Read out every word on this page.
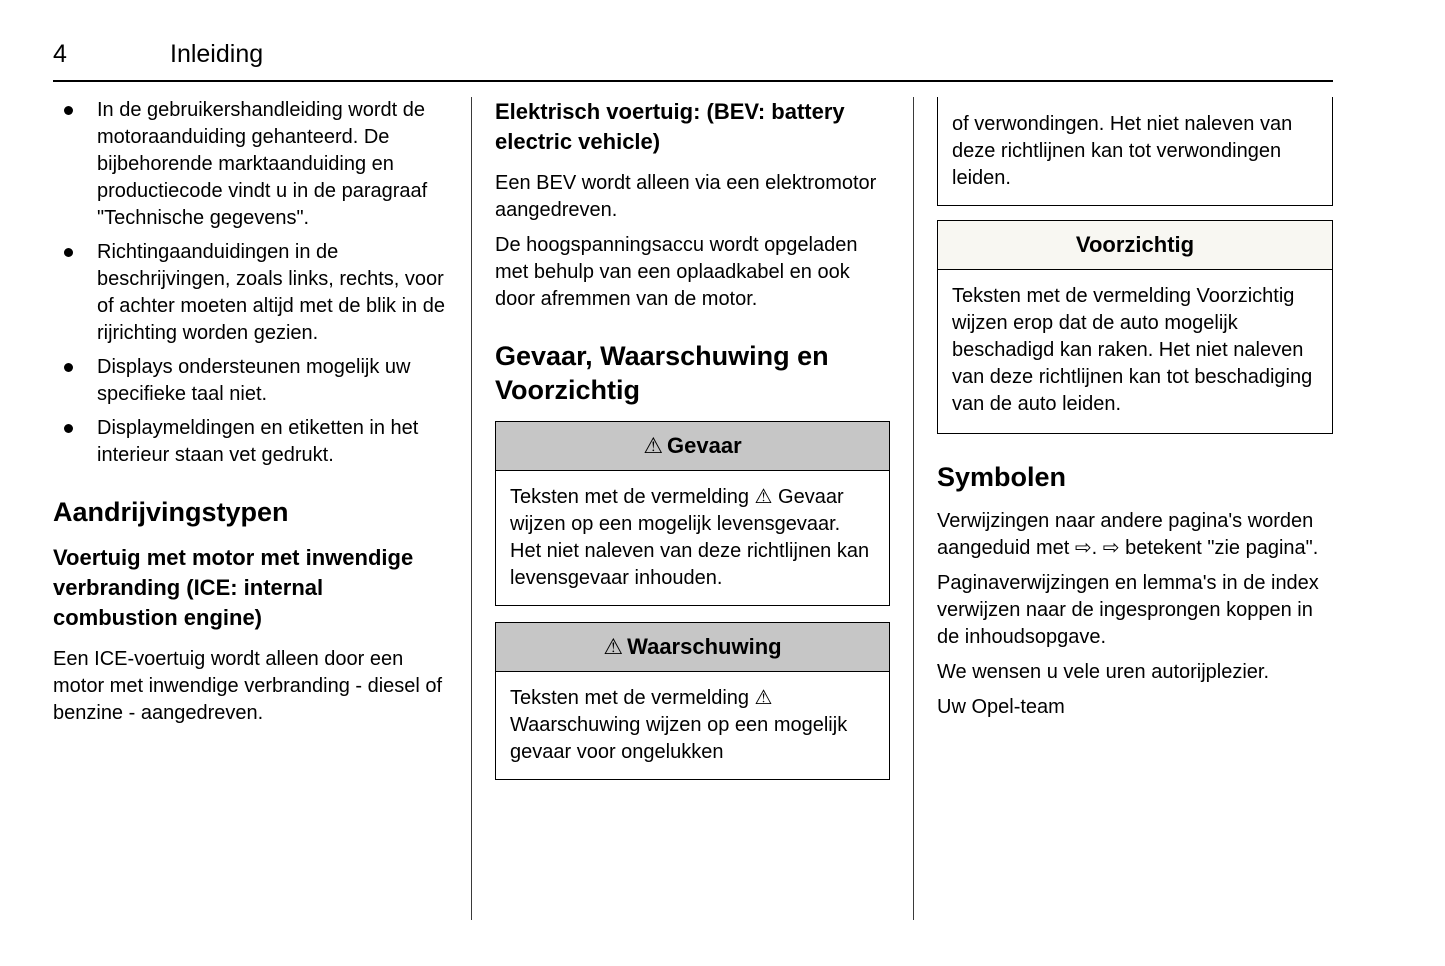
4	Inleiding
In de gebruikershandleiding wordt de motoraanduiding gehanteerd. De bijbehorende marktaanduiding en productiecode vindt u in de paragraaf "Technische gegevens".
Richtingaanduidingen in de beschrijvingen, zoals links, rechts, voor of achter moeten altijd met de blik in de rijrichting worden gezien.
Displays ondersteunen mogelijk uw specifieke taal niet.
Displaymeldingen en etiketten in het interieur staan vet gedrukt.
Aandrijvingstypen
Voertuig met motor met inwendige verbranding (ICE: internal combustion engine)

Een ICE-voertuig wordt alleen door een motor met inwendige verbranding - diesel of benzine - aangedreven.

Elektrisch voertuig: (BEV: battery electric vehicle)

Een BEV wordt alleen via een elektromotor aangedreven.

De hoogspanningsaccu wordt opgeladen met behulp van een oplaadkabel en ook door afremmen van de motor.

Gevaar, Waarschuwing en Voorzichtig
⚠ Gevaar
Teksten met de vermelding ⚠ Gevaar wijzen op een mogelijk levensgevaar. Het niet naleven van deze richtlijnen kan levensgevaar inhouden.
⚠ Waarschuwing
Teksten met de vermelding ⚠ Waarschuwing wijzen op een mogelijk gevaar voor ongelukken
of verwondingen. Het niet naleven van deze richtlijnen kan tot verwondingen leiden.
Voorzichtig
Teksten met de vermelding Voorzichtig wijzen erop dat de auto mogelijk beschadigd kan raken. Het niet naleven van deze richtlijnen kan tot beschadiging van de auto leiden.
Symbolen

Verwijzingen naar andere pagina's worden aangeduid met ⇨. ⇨ betekent "zie pagina".

Paginaverwijzingen en lemma's in de index verwijzen naar de ingesprongen koppen in de inhoudsopgave.

We wensen u vele uren autorijplezier.

Uw Opel-team
